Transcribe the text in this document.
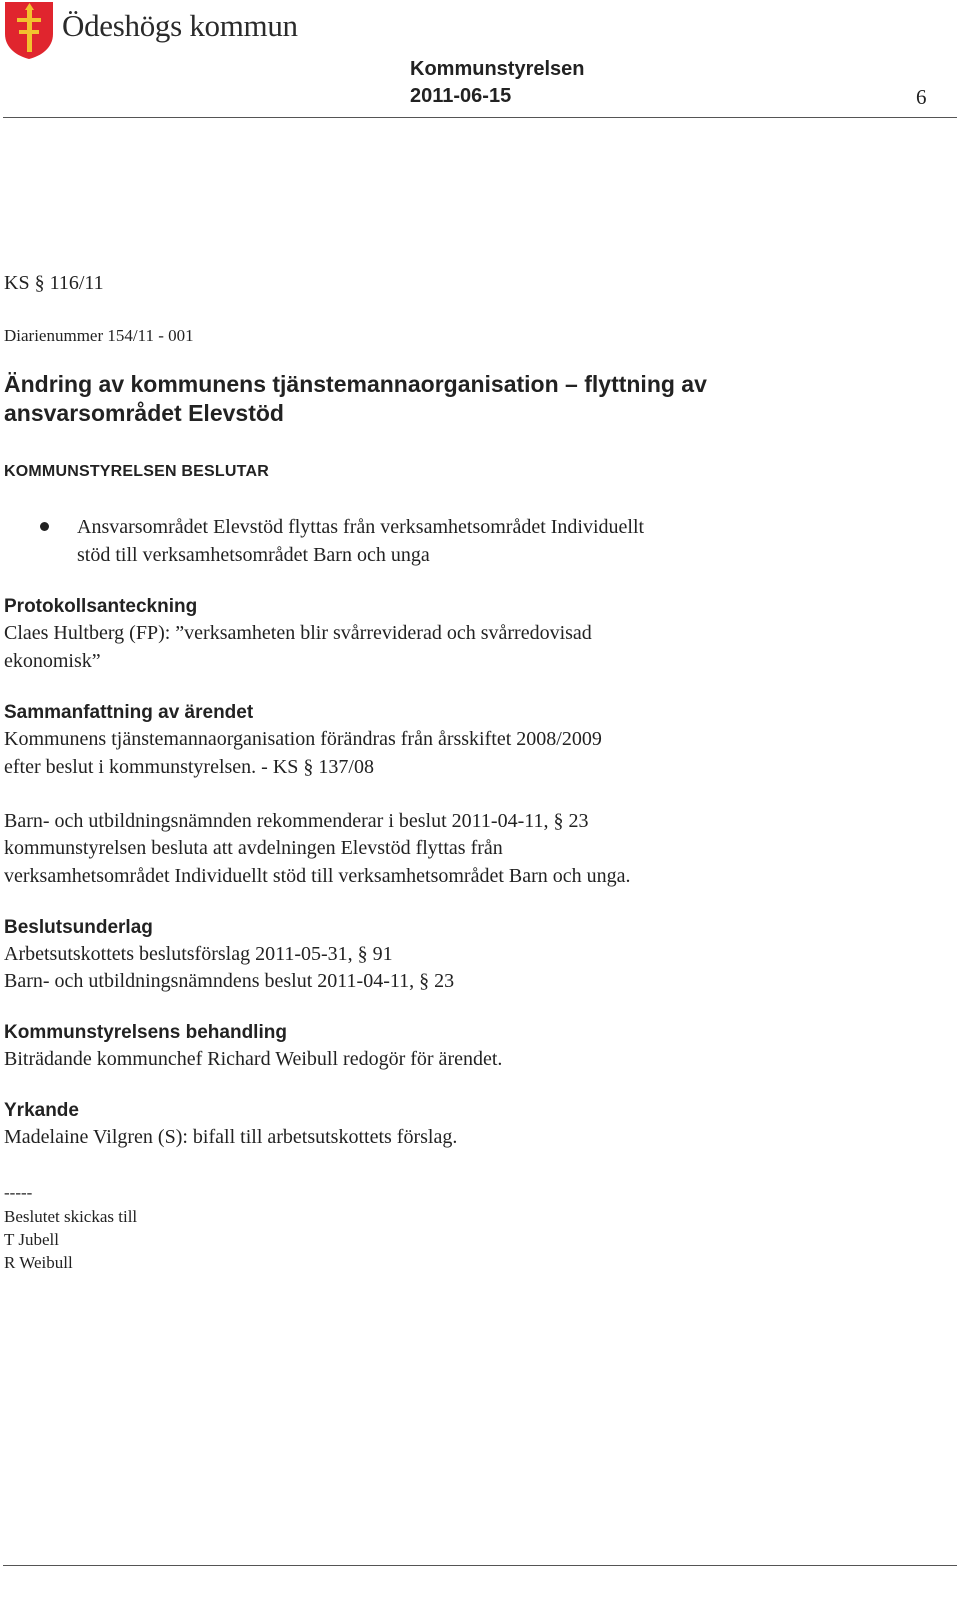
Ödeshögs kommun
Kommunstyrelsen
2011-06-15	6
KS § 116/11
Diarienummer 154/11 - 001
Ändring av kommunens tjänstemannaorganisation – flyttning av
ansvarsområdet Elevstöd
KOMMUNSTYRELSEN BESLUTAR
Ansvarsområdet Elevstöd flyttas från verksamhetsområdet Individuellt
stöd till verksamhetsområdet Barn och unga
Protokollsanteckning
Claes Hultberg (FP): ”verksamheten blir svårreviderad och svårredovisad
ekonomisk”
Sammanfattning av ärendet
Kommunens tjänstemannaorganisation förändras från årsskiftet 2008/2009
efter beslut i kommunstyrelsen. - KS § 137/08
Barn- och utbildningsnämnden rekommenderar i beslut 2011-04-11, § 23
kommunstyrelsen besluta att avdelningen Elevstöd flyttas från
verksamhetsområdet Individuellt stöd till verksamhetsområdet Barn och unga.
Beslutsunderlag
Arbetsutskottets beslutsförslag 2011-05-31, § 91
Barn- och utbildningsnämndens beslut 2011-04-11, § 23
Kommunstyrelsens behandling
Biträdande kommunchef Richard Weibull redogör för ärendet.
Yrkande
Madelaine Vilgren (S): bifall till arbetsutskottets förslag.
-----
Beslutet skickas till
T Jubell
R Weibull
